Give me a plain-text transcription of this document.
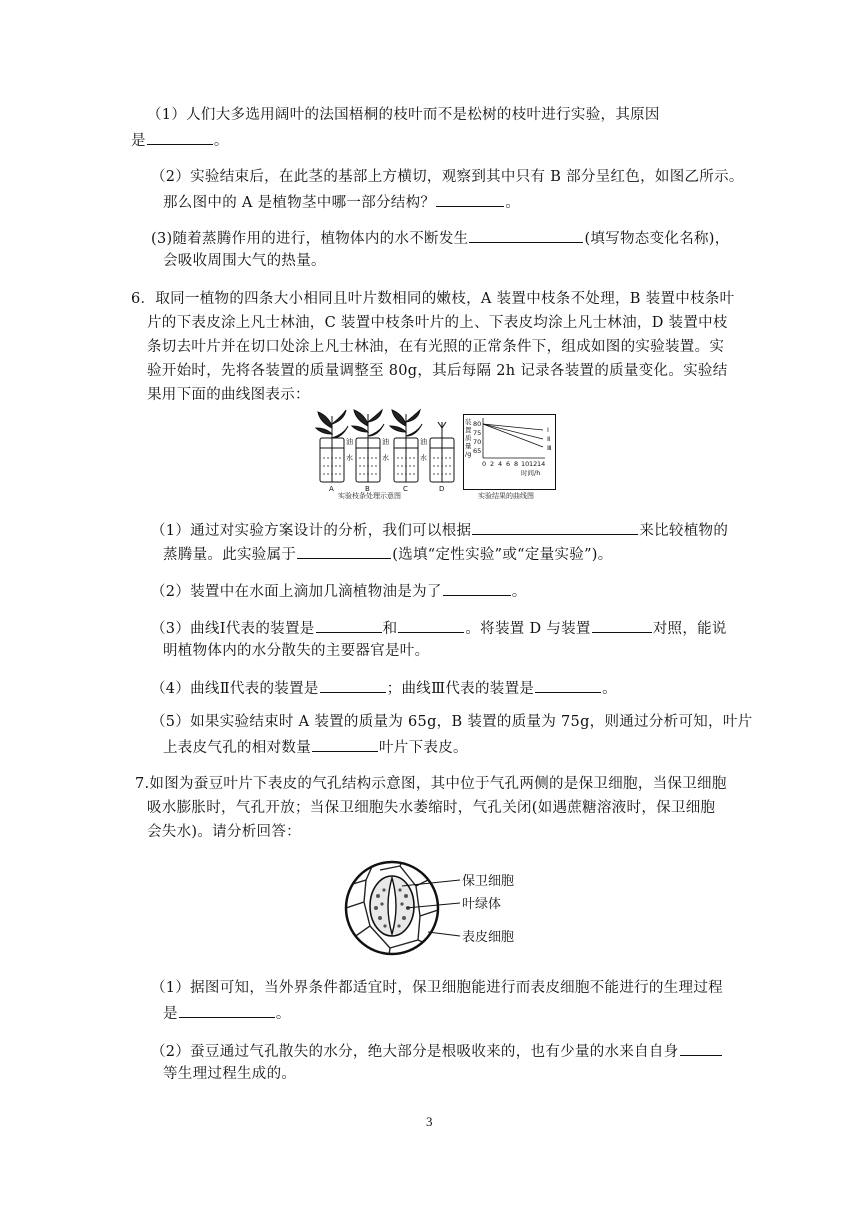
（1）人们大多选用阔叶的法国梧桐的枝叶而不是松树的枝叶进行实验，其原因
是	。
（2）实验结束后，在此茎的基部上方横切，观察到其中只有 B 部分呈红色，如图乙所示。
那么图中的 A 是植物茎中哪一部分结构？	。
(3)随着蒸腾作用的进行，植物体内的水不断发生	(填写物态变化名称)，
会吸收周围大气的热量。
6．取同一植物的四条大小相同且叶片数相同的嫩枝，A 装置中枝条不处理，B 装置中枝条叶
片的下表皮涂上凡士林油，C 装置中枝条叶片的上、下表皮均涂上凡士林油，D 装置中枝
条切去叶片并在切口处涂上凡士林油，在有光照的正常条件下，组成如图的实验装置。实
验开始时，先将各装置的质量调整至 80g，其后每隔 2h 记录各装置的质量变化。实验结
果用下面的曲线图表示：
油
水
油
水
油
水
A	B	C	D
实验枝条处理示意图
装
置
质
量
/g
80
75
70
65
Ⅰ
Ⅱ
Ⅲ
0 2 4 6 8 10 12 14
时间/h
实验结果的曲线图
（1）通过对实验方案设计的分析，我们可以根据	来比较植物的
蒸腾量。此实验属于	(选填“定性实验”或“定量实验”)。
（2）装置中在水面上滴加几滴植物油是为了	。
（3）曲线Ⅰ代表的装置是	和	。将装置 D 与装置	对照，能说
明植物体内的水分散失的主要器官是叶。
（4）曲线Ⅱ代表的装置是	；曲线Ⅲ代表的装置是	。
（5）如果实验结束时 A 装置的质量为 65g，B 装置的质量为 75g，则通过分析可知，叶片
上表皮气孔的相对数量	叶片下表皮。
7.如图为蚕豆叶片下表皮的气孔结构示意图，其中位于气孔两侧的是保卫细胞，当保卫细胞
吸水膨胀时，气孔开放；当保卫细胞失水萎缩时，气孔关闭(如遇蔗糖溶液时，保卫细胞
会失水)。请分析回答：
保卫细胞
叶绿体
表皮细胞
（1）据图可知，当外界条件都适宜时，保卫细胞能进行而表皮细胞不能进行的生理过程
是	。
（2）蚕豆通过气孔散失的水分，绝大部分是根吸收来的，也有少量的水来自自身
等生理过程生成的。
3
